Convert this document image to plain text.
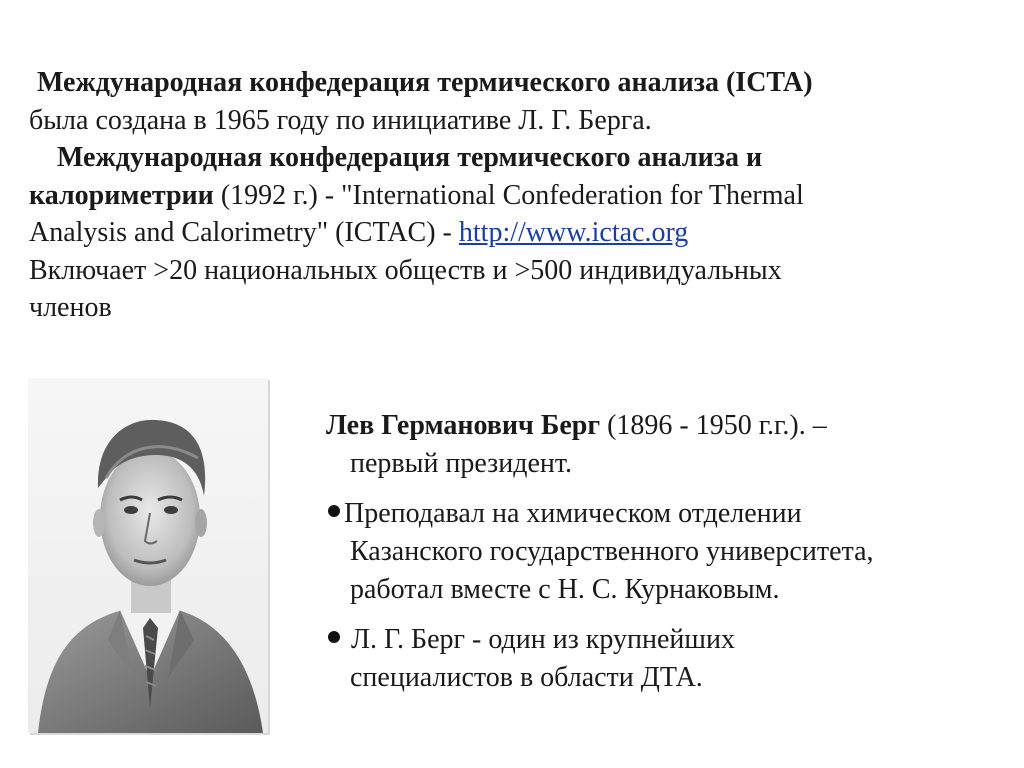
Международная конфедерация термического анализа (ICTA)
была создана в 1965 году по инициативе Л. Г. Берга.
Международная конфедерация термического анализа и
калориметрии (1992 г.) - "International Confederation for Thermal
Analysis and Calorimetry" (ICTAC) - http://www.ictac.org
Включает >20 национальных обществ и >500 индивидуальных
членов
Лев Германович Берг (1896 - 1950 г.г.). –
первый президент.
Преподавал на химическом отделении
Казанского государственного университета,
работал вместе с Н. С. Курнаковым.
Л. Г. Берг - один из крупнейших
специалистов в области ДТА.
